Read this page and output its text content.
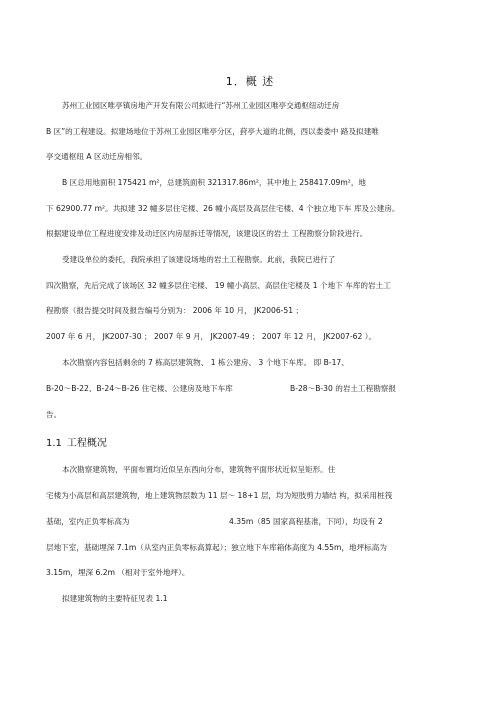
1．概 述
苏州工业园区唯亭镇房地产开发有限公司拟进行“苏州工业园区唯亭交通枢纽动迁房
B 区”的工程建设。拟建场地位于苏州工业园区唯亭分区，葑亭大道的北侧，西以娄娄中 路及拟建唯
亭交通枢纽 A 区动迁房相邻。
B 区总用地面积 175421 m²，总建筑面积 321317.86m²，其中地上 258417.09m²，地
下 62900.77 m²。共拟建 32 幢多层住宅楼、26 幢小高层及高层住宅楼、4 个独立地下车 库及公建房。
根据建设单位工程进度安排及动迁区内房屋拆迁等情况，该建设区的岩土 工程勘察分阶段进行。
受建设单位的委托，我院承担了该建设场地的岩土工程勘察。此前，我院已进行了
四次勘察，先后完成了该场区 32 幢多层住宅楼、 19 幢小高层、高层住宅楼及 1 个地下 车库的岩土工
程勘察（报告提交时间及报告编号分别为： 2006 年 10 月， JK2006-51 ；
2007 年 6 月， JK2007-30 ； 2007 年 9 月， JK2007-49 ； 2007 年 12 月， JK2007-62 ）。
本次勘察内容包括剩余的 7 栋高层建筑物、 1 栋公建房、 3 个地下车库。 即 B-17、
B-20～B-22、B-24～B-26 住宅楼、公建房及地下车库	B-28～B-30 的岩土工程勘察报
告。
1.1 工程概况
本次勘察建筑物，平面布置均近似呈东西向分布，建筑物平面形状近似呈矩形。住
宅楼为小高层和高层建筑物，地上建筑物层数为 11 层～ 18+1 层，均为短肢剪力墙结 构，拟采用桩筏
基础，室内正负零标高为	4.35m（85 国家高程基准，下同），均设有 2
层地下室，基础埋深 7.1m（从室内正负零标高算起）；独立地下车库箱体高度为 4.55m，地坪标高为
3.15m，埋深 6.2m （相对于室外地坪）。
拟建建筑物的主要特征见表 1.1
